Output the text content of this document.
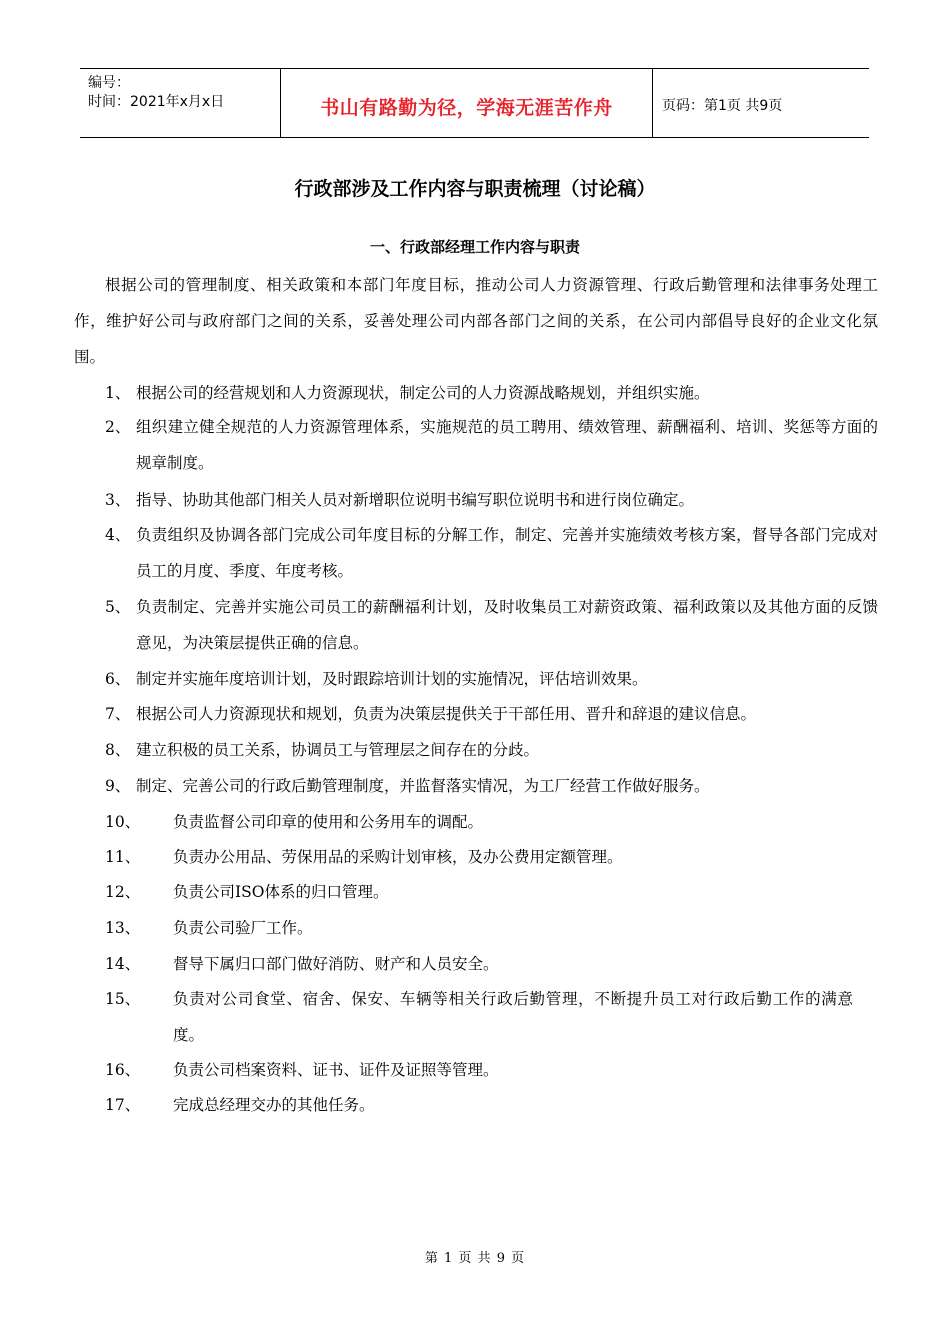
编号：
时间：2021年x月x日	书山有路勤为径，学海无涯苦作舟	页码：第1页 共9页
行政部涉及工作内容与职责梳理（讨论稿）
一、行政部经理工作内容与职责
根据公司的管理制度、相关政策和本部门年度目标，推动公司人力资源管理、行政后勤管理和法律事务处理工作，维护好公司与政府部门之间的关系，妥善处理公司内部各部门之间的关系，在公司内部倡导良好的企业文化氛围。
1、 根据公司的经营规划和人力资源现状，制定公司的人力资源战略规划，并组织实施。
2、 组织建立健全规范的人力资源管理体系，实施规范的员工聘用、绩效管理、薪酬福利、培训、奖惩等方面的规章制度。
3、 指导、协助其他部门相关人员对新增职位说明书编写职位说明书和进行岗位确定。
4、 负责组织及协调各部门完成公司年度目标的分解工作，制定、完善并实施绩效考核方案，督导各部门完成对员工的月度、季度、年度考核。
5、 负责制定、完善并实施公司员工的薪酬福利计划，及时收集员工对薪资政策、福利政策以及其他方面的反馈意见，为决策层提供正确的信息。
6、 制定并实施年度培训计划，及时跟踪培训计划的实施情况，评估培训效果。
7、 根据公司人力资源现状和规划，负责为决策层提供关于干部任用、晋升和辞退的建议信息。
8、 建立积极的员工关系，协调员工与管理层之间存在的分歧。
9、 制定、完善公司的行政后勤管理制度，并监督落实情况，为工厂经营工作做好服务。
10、 负责监督公司印章的使用和公务用车的调配。
11、 负责办公用品、劳保用品的采购计划审核，及办公费用定额管理。
12、 负责公司ISO体系的归口管理。
13、 负责公司验厂工作。
14、 督导下属归口部门做好消防、财产和人员安全。
15、 负责对公司食堂、宿舍、保安、车辆等相关行政后勤管理，不断提升员工对行政后勤工作的满意度。
16、 负责公司档案资料、证书、证件及证照等管理。
17、 完成总经理交办的其他任务。
第 1 页 共 9 页
